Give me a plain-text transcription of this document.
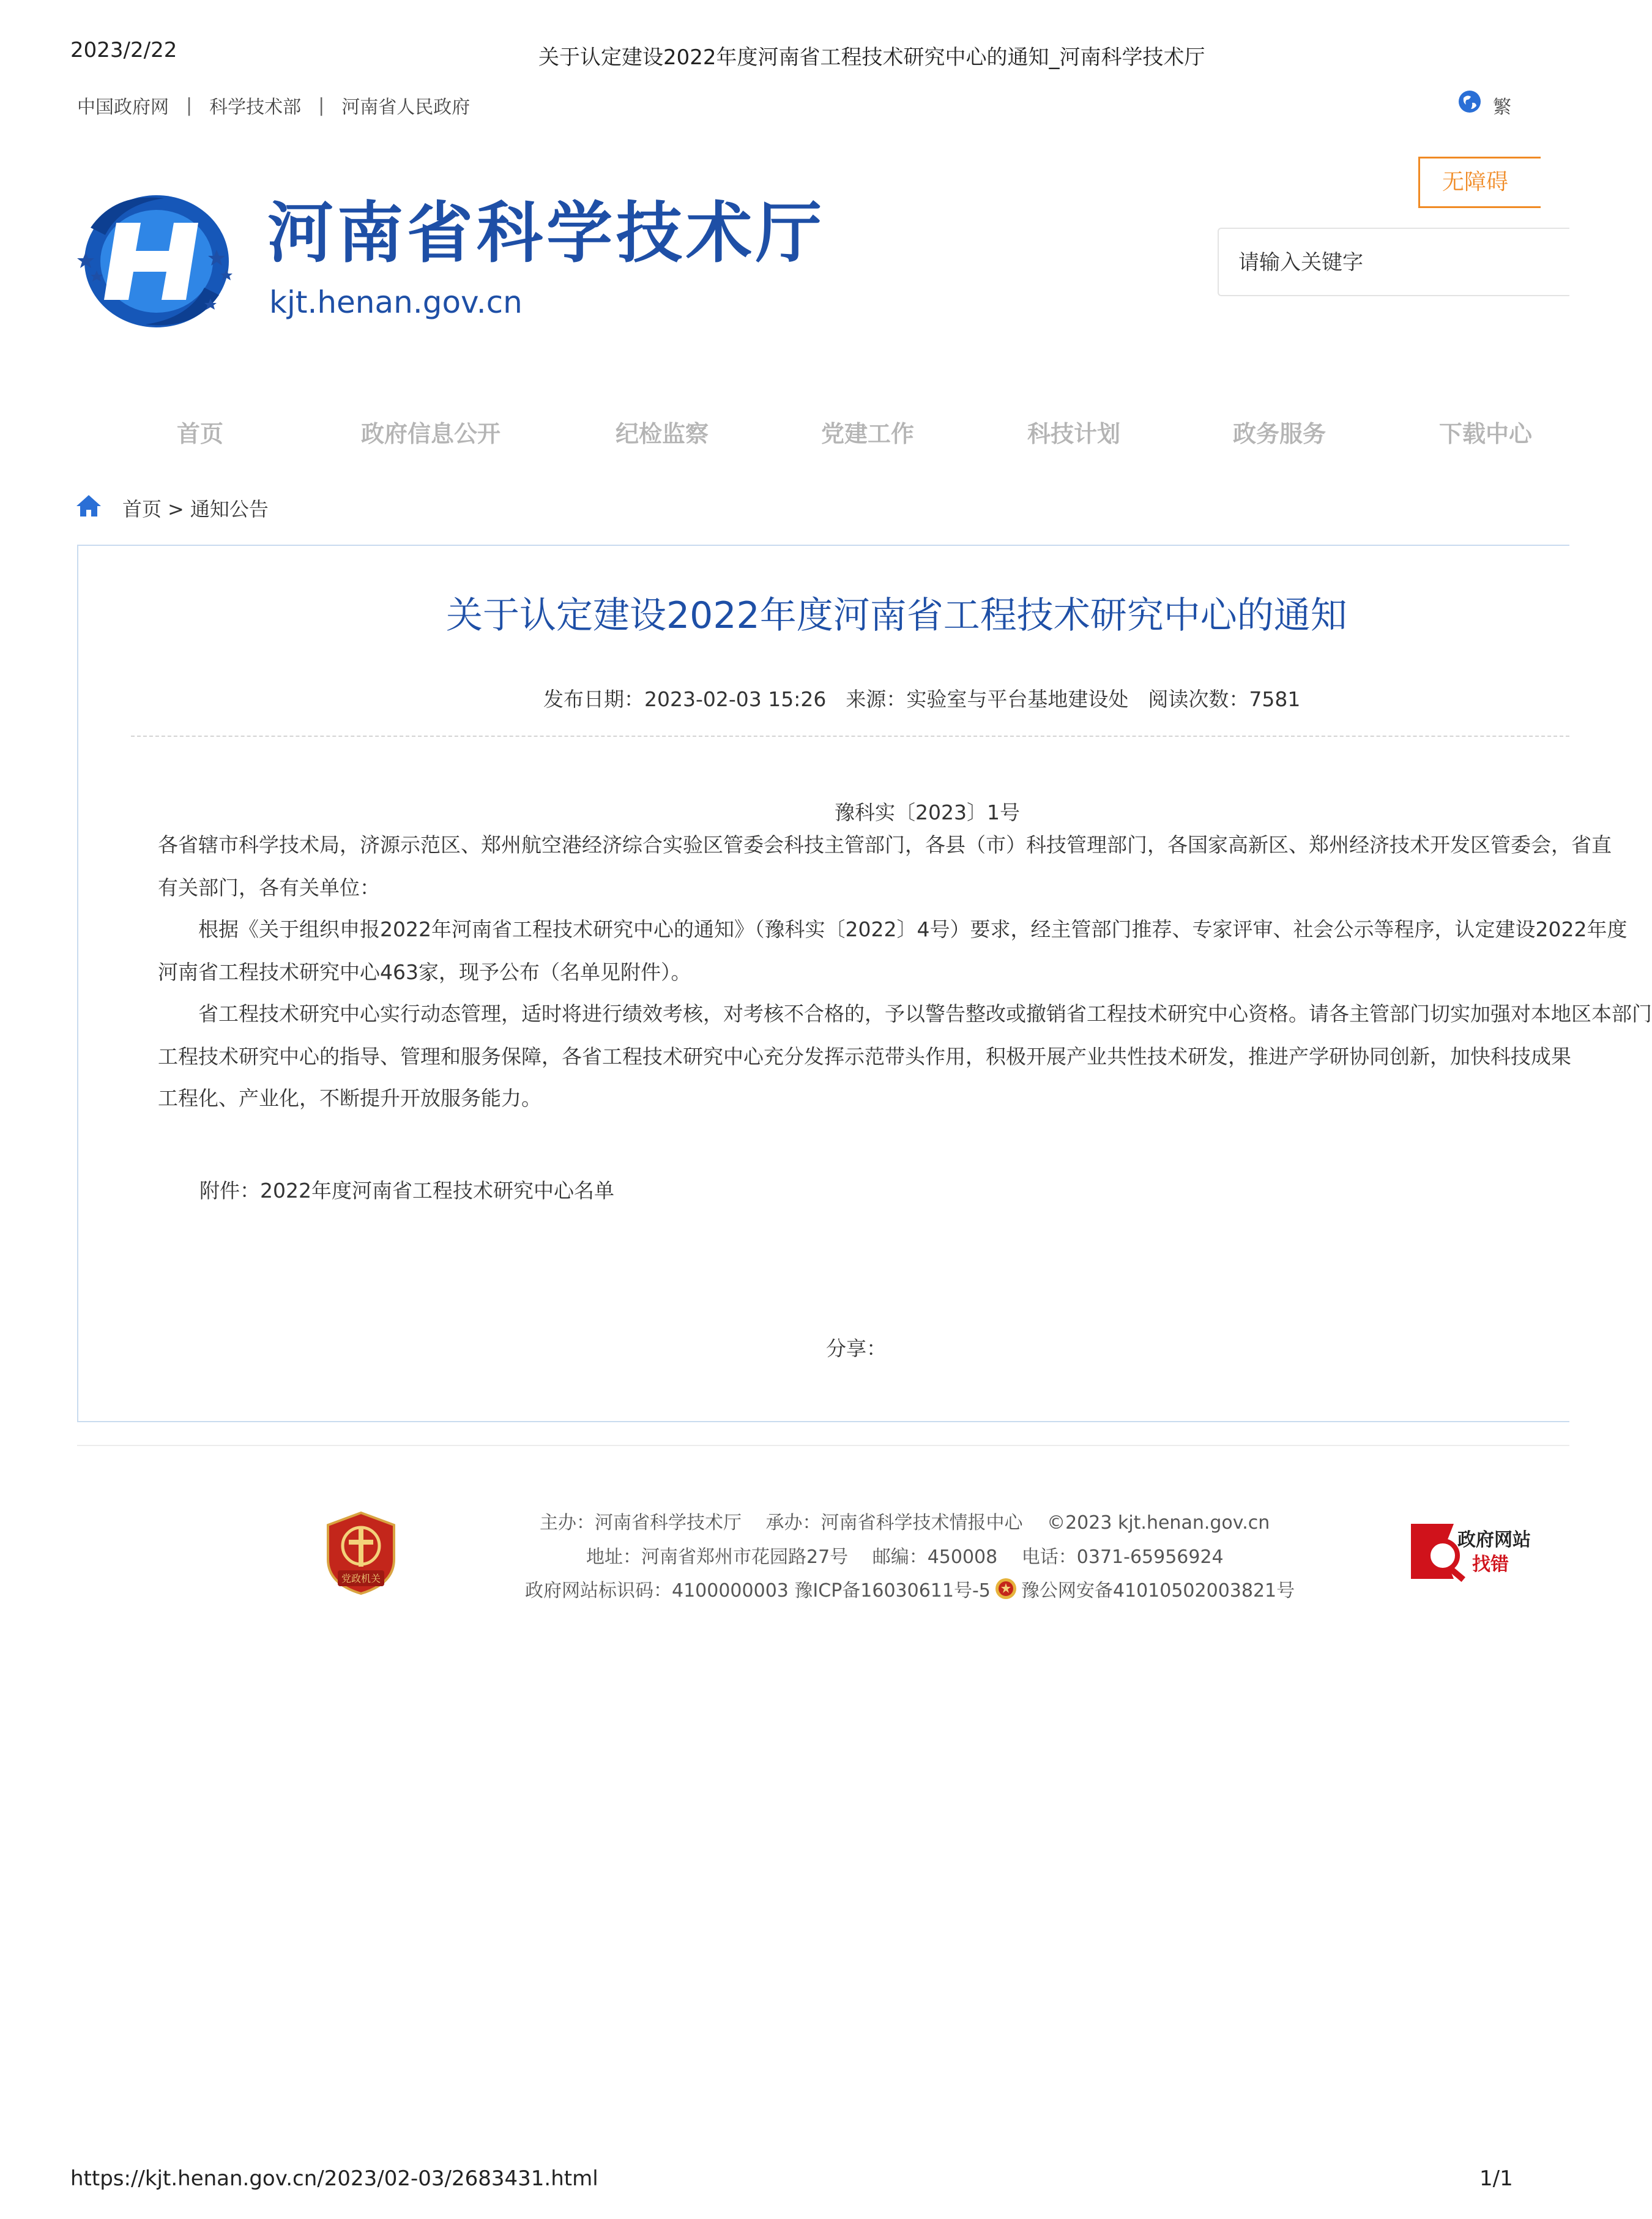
2023/2/22	关于认定建设2022年度河南省工程技术研究中心的通知_河南科学技术厅
中国政府网 | 科学技术部 | 河南省人民政府	繁
河南省科学技术厅
kjt.henan.gov.cn
无障碍
请输入关键字
首页	政府信息公开	纪检监察	党建工作	科技计划	政务服务	下载中心
首页 > 通知公告
关于认定建设2022年度河南省工程技术研究中心的通知
发布日期：2023-02-03 15:26 来源：实验室与平台基地建设处 阅读次数：7581
豫科实〔2023〕1号
各省辖市科学技术局，济源示范区、郑州航空港经济综合实验区管委会科技主管部门，各县（市）科技管理部门，各国家高新区、郑州经济技术开发区管委会，省直
有关部门，各有关单位：
　　根据《关于组织申报2022年河南省工程技术研究中心的通知》（豫科实〔2022〕4号）要求，经主管部门推荐、专家评审、社会公示等程序，认定建设2022年度
河南省工程技术研究中心463家，现予公布（名单见附件）。
　　省工程技术研究中心实行动态管理，适时将进行绩效考核，对考核不合格的，予以警告整改或撤销省工程技术研究中心资格。请各主管部门切实加强对本地区本部门
工程技术研究中心的指导、管理和服务保障，各省工程技术研究中心充分发挥示范带头作用，积极开展产业共性技术研发，推进产学研协同创新，加快科技成果
工程化、产业化，不断提升开放服务能力。
附件：2022年度河南省工程技术研究中心名单
分享：
党政机关
主办：河南省科学技术厅　 承办：河南省科学技术情报中心　 ©2023 kjt.henan.gov.cn
地址：河南省郑州市花园路27号　 邮编：450008　 电话：0371-65956924
政府网站标识码：4100000003 豫ICP备16030611号-5 豫公网安备41010502003821号
政府网站
找错
https://kjt.henan.gov.cn/2023/02-03/2683431.html	1/1
